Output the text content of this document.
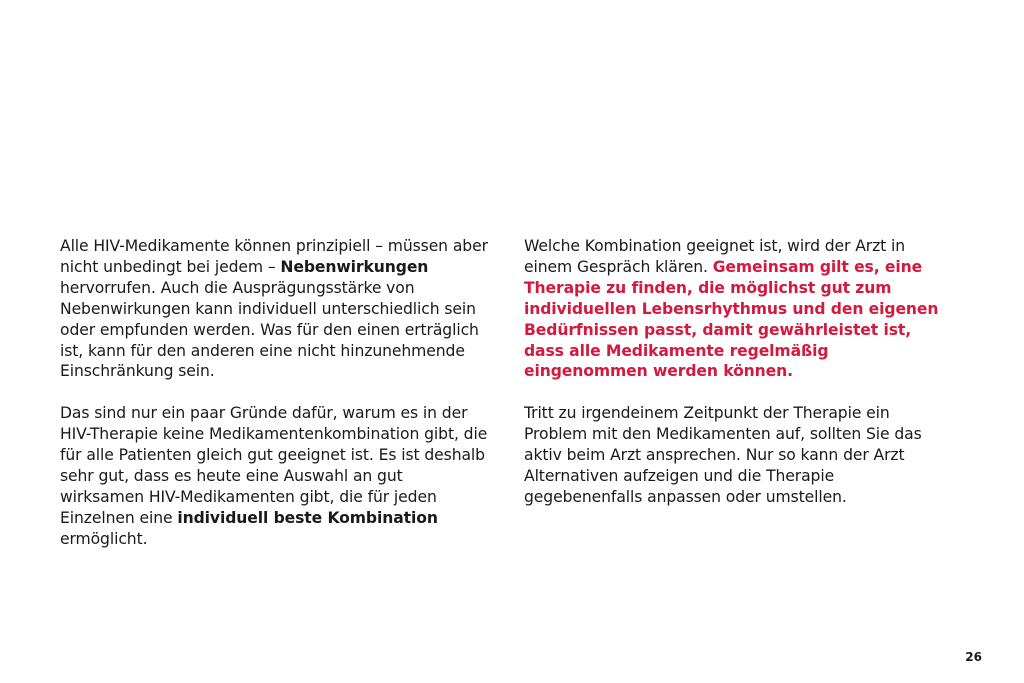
Alle HIV-Medikamente können prinzipiell – müssen aber nicht unbedingt bei jedem – Nebenwirkungen hervorrufen. Auch die Ausprägungsstärke von Nebenwirkungen kann individuell unterschiedlich sein oder empfunden werden. Was für den einen erträglich ist, kann für den anderen eine nicht hinzunehmende Einschränkung sein.

Das sind nur ein paar Gründe dafür, warum es in der HIV-Therapie keine Medikamentenkombination gibt, die für alle Patienten gleich gut geeignet ist. Es ist deshalb sehr gut, dass es heute eine Auswahl an gut wirksamen HIV-Medikamenten gibt, die für jeden Einzelnen eine individuell beste Kombination ermöglicht.

Welche Kombination geeignet ist, wird der Arzt in einem Gespräch klären. Gemeinsam gilt es, eine Therapie zu finden, die möglichst gut zum individuellen Lebensrhythmus und den eigenen Bedürfnissen passt, damit gewährleistet ist, dass alle Medikamente regelmäßig eingenommen werden können.

Tritt zu irgendeinem Zeitpunkt der Therapie ein Problem mit den Medikamenten auf, sollten Sie das aktiv beim Arzt ansprechen. Nur so kann der Arzt Alternativen aufzeigen und die Therapie gegebenenfalls anpassen oder umstellen.

26
